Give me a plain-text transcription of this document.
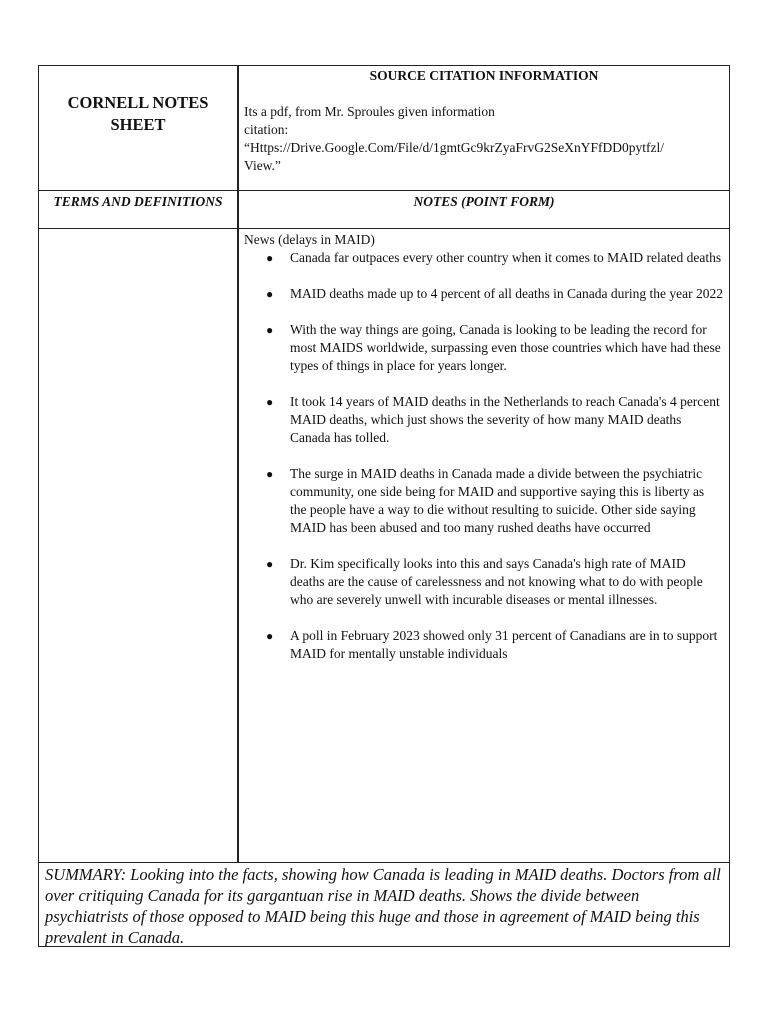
CORNELL NOTES SHEET
SOURCE CITATION INFORMATION
Its a pdf, from Mr. Sproules given information
citation:
“Https://Drive.Google.Com/File/d/1gmtGc9krZyaFrvG2SeXnYFfDD0pytfzl/
View.”
TERMS AND DEFINITIONS	NOTES (POINT FORM)
News (delays in MAID)
● Canada far outpaces every other country when it comes to MAID related deaths
● MAID deaths made up to 4 percent of all deaths in Canada during the year 2022
● With the way things are going, Canada is looking to be leading the record for most MAIDS worldwide, surpassing even those countries which have had these types of things in place for years longer.
● It took 14 years of MAID deaths in the Netherlands to reach Canada's 4 percent MAID deaths, which just shows the severity of how many MAID deaths Canada has tolled.
● The surge in MAID deaths in Canada made a divide between the psychiatric community, one side being for MAID and supportive saying this is liberty as the people have a way to die without resulting to suicide. Other side saying MAID has been abused and too many rushed deaths have occurred
● Dr. Kim specifically looks into this and says Canada's high rate of MAID deaths are the cause of carelessness and not knowing what to do with people who are severely unwell with incurable diseases or mental illnesses.
● A poll in February 2023 showed only 31 percent of Canadians are in to support MAID for mentally unstable individuals
SUMMARY: Looking into the facts, showing how Canada is leading in MAID deaths. Doctors from all over critiquing Canada for its gargantuan rise in MAID deaths. Shows the divide between psychiatrists of those opposed to MAID being this huge and those in agreement of MAID being this prevalent in Canada.
